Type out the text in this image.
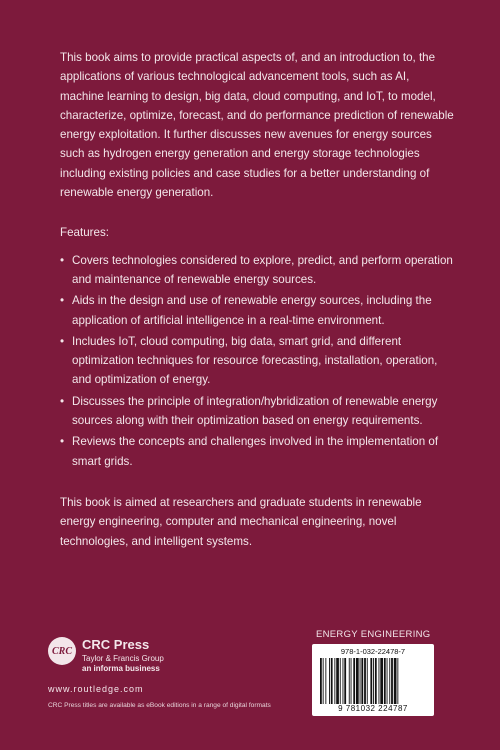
This book aims to provide practical aspects of, and an introduction to, the applications of various technological advancement tools, such as AI, machine learning to design, big data, cloud computing, and IoT, to model, characterize, optimize, forecast, and do performance prediction of renewable energy exploitation. It further discusses new avenues for energy sources such as hydrogen energy generation and energy storage technologies including existing policies and case studies for a better understanding of renewable energy generation.

Features:

• Covers technologies considered to explore, predict, and perform operation and maintenance of renewable energy sources.
• Aids in the design and use of renewable energy sources, including the application of artificial intelligence in a real-time environment.
• Includes IoT, cloud computing, big data, smart grid, and different optimization techniques for resource forecasting, installation, operation, and optimization of energy.
• Discusses the principle of integration/hybridization of renewable energy sources along with their optimization based on energy requirements.
• Reviews the concepts and challenges involved in the implementation of smart grids.

This book is aimed at researchers and graduate students in renewable energy engineering, computer and mechanical engineering, novel technologies, and intelligent systems.

CRC CRC Press
Taylor & Francis Group
an informa business
www.routledge.com
CRC Press titles are available as eBook editions in a range of digital formats
ENERGY ENGINEERING
978-1-032-22478-7
9 781032 224787
